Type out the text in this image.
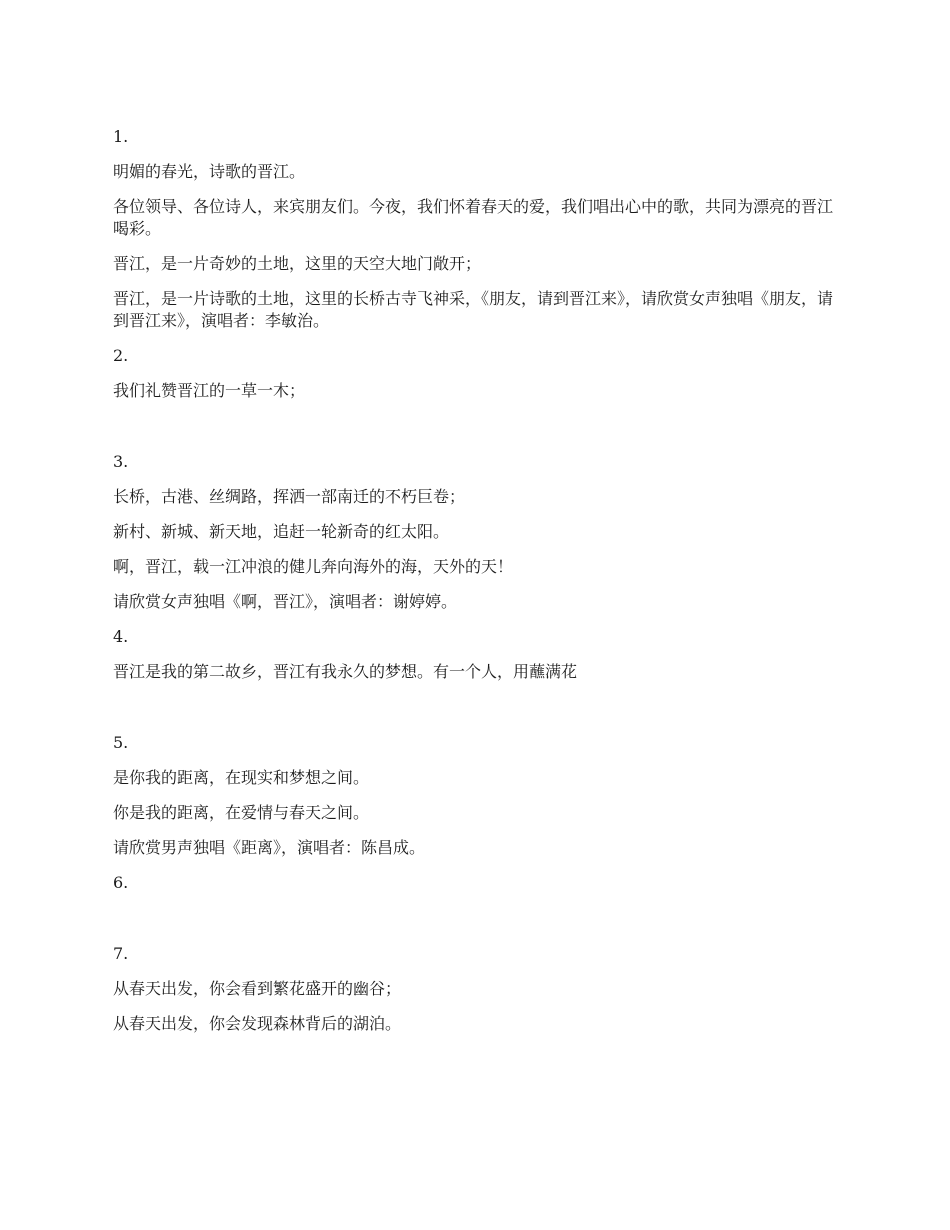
1.

明媚的春光，诗歌的晋江。

各位领导、各位诗人，来宾朋友们。今夜，我们怀着春天的爱，我们唱出心中的歌，共同为漂亮的晋江喝彩。

晋江，是一片奇妙的土地，这里的天空大地门敞开；

晋江，是一片诗歌的土地，这里的长桥古寺飞神采，《朋友，请到晋江来》，请欣赏女声独唱《朋友，请到晋江来》，演唱者：李敏治。

2.

我们礼赞晋江的一草一木；

3.

长桥，古港、丝绸路，挥洒一部南迁的不朽巨卷；

新村、新城、新天地，追赶一轮新奇的红太阳。

啊，晋江，载一江冲浪的健儿奔向海外的海，天外的天！

请欣赏女声独唱《啊，晋江》，演唱者：谢婷婷。

4.

晋江是我的第二故乡，晋江有我永久的梦想。有一个人，用蘸满花

5.

是你我的距离，在现实和梦想之间。

你是我的距离，在爱情与春天之间。

请欣赏男声独唱《距离》，演唱者：陈昌成。

6.
7.

从春天出发，你会看到繁花盛开的幽谷；

从春天出发，你会发现森林背后的湖泊。
